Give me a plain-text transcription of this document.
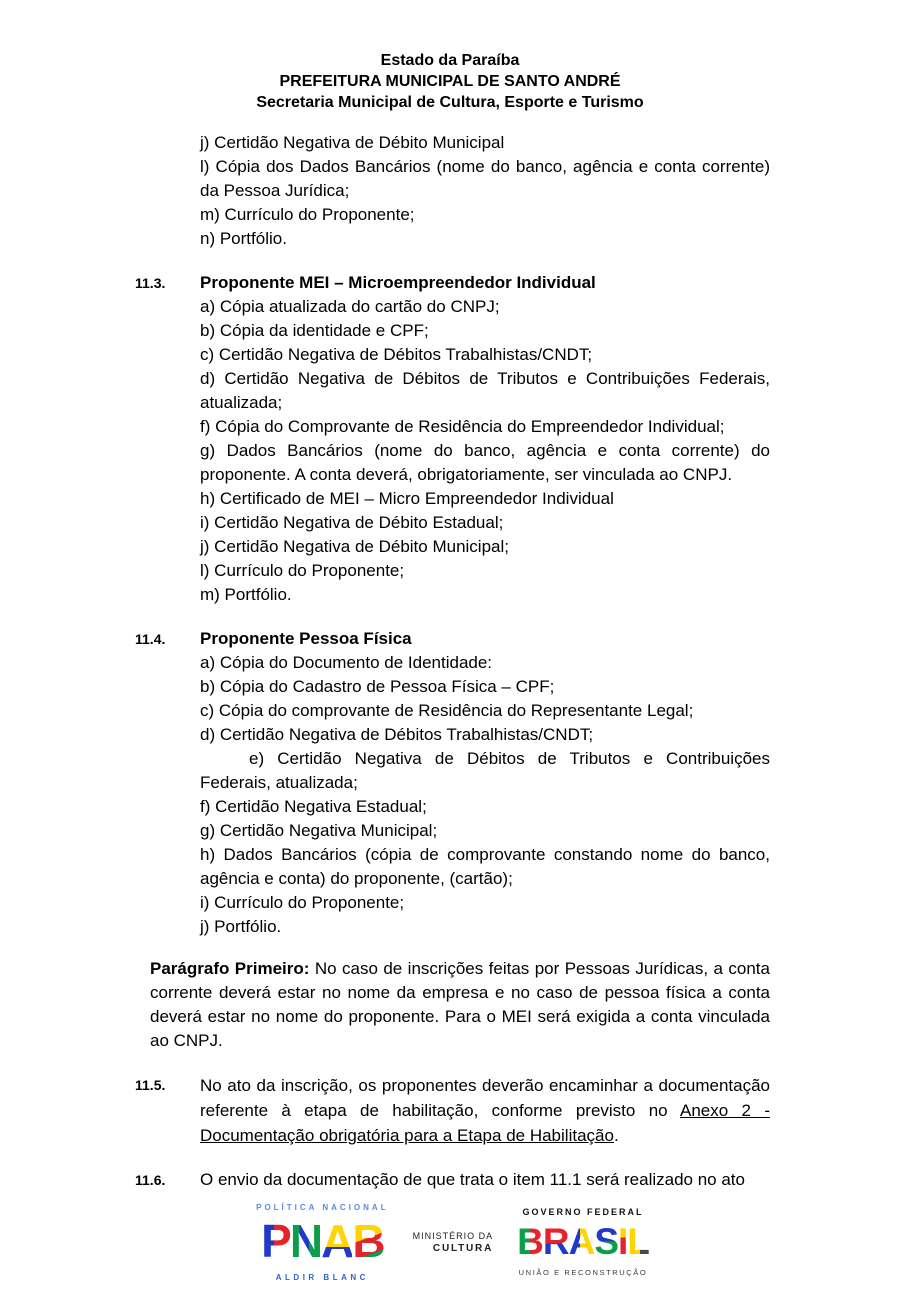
Estado da Paraíba
PREFEITURA MUNICIPAL DE SANTO ANDRÉ
Secretaria Municipal de Cultura, Esporte e Turismo

j) Certidão Negativa de Débito Municipal

l) Cópia dos Dados Bancários (nome do banco, agência e conta corrente) da Pessoa Jurídica;

m) Currículo do Proponente;

n) Portfólio.

11.3. Proponente MEI – Microempreendedor Individual

a) Cópia atualizada do cartão do CNPJ;

b) Cópia da identidade e CPF;

c) Certidão Negativa de Débitos Trabalhistas/CNDT;

d) Certidão Negativa de Débitos de Tributos e Contribuições Federais, atualizada;

f) Cópia do Comprovante de Residência do Empreendedor Individual;

g) Dados Bancários (nome do banco, agência e conta corrente) do proponente. A conta deverá, obrigatoriamente, ser vinculada ao CNPJ.

h) Certificado de MEI – Micro Empreendedor Individual

i) Certidão Negativa de Débito Estadual;

j) Certidão Negativa de Débito Municipal;

l) Currículo do Proponente;

m) Portfólio.

11.4. Proponente Pessoa Física

a) Cópia do Documento de Identidade:

b) Cópia do Cadastro de Pessoa Física – CPF;

c) Cópia do comprovante de Residência do Representante Legal;

d) Certidão Negativa de Débitos Trabalhistas/CNDT;

e) Certidão Negativa de Débitos de Tributos e Contribuições Federais, atualizada;

f) Certidão Negativa Estadual;

g) Certidão Negativa Municipal;

h) Dados Bancários (cópia de comprovante constando nome do banco, agência e conta) do proponente, (cartão);

i) Currículo do Proponente;

j) Portfólio.

Parágrafo Primeiro: No caso de inscrições feitas por Pessoas Jurídicas, a conta corrente deverá estar no nome da empresa e no caso de pessoa física a conta deverá estar no nome do proponente. Para o MEI será exigida a conta vinculada ao CNPJ.

11.5. No ato da inscrição, os proponentes deverão encaminhar a documentação referente à etapa de habilitação, conforme previsto no Anexo 2 - Documentação obrigatória para a Etapa de Habilitação.

11.6. O envio da documentação de que trata o item 11.1 será realizado no ato

POLÍTICA NACIONAL
PNAB
ALDIR BLANC
MINISTÉRIO DA
CULTURA
GOVERNO FEDERAL
BRASIL
UNIÃO E RECONSTRUÇÃO
